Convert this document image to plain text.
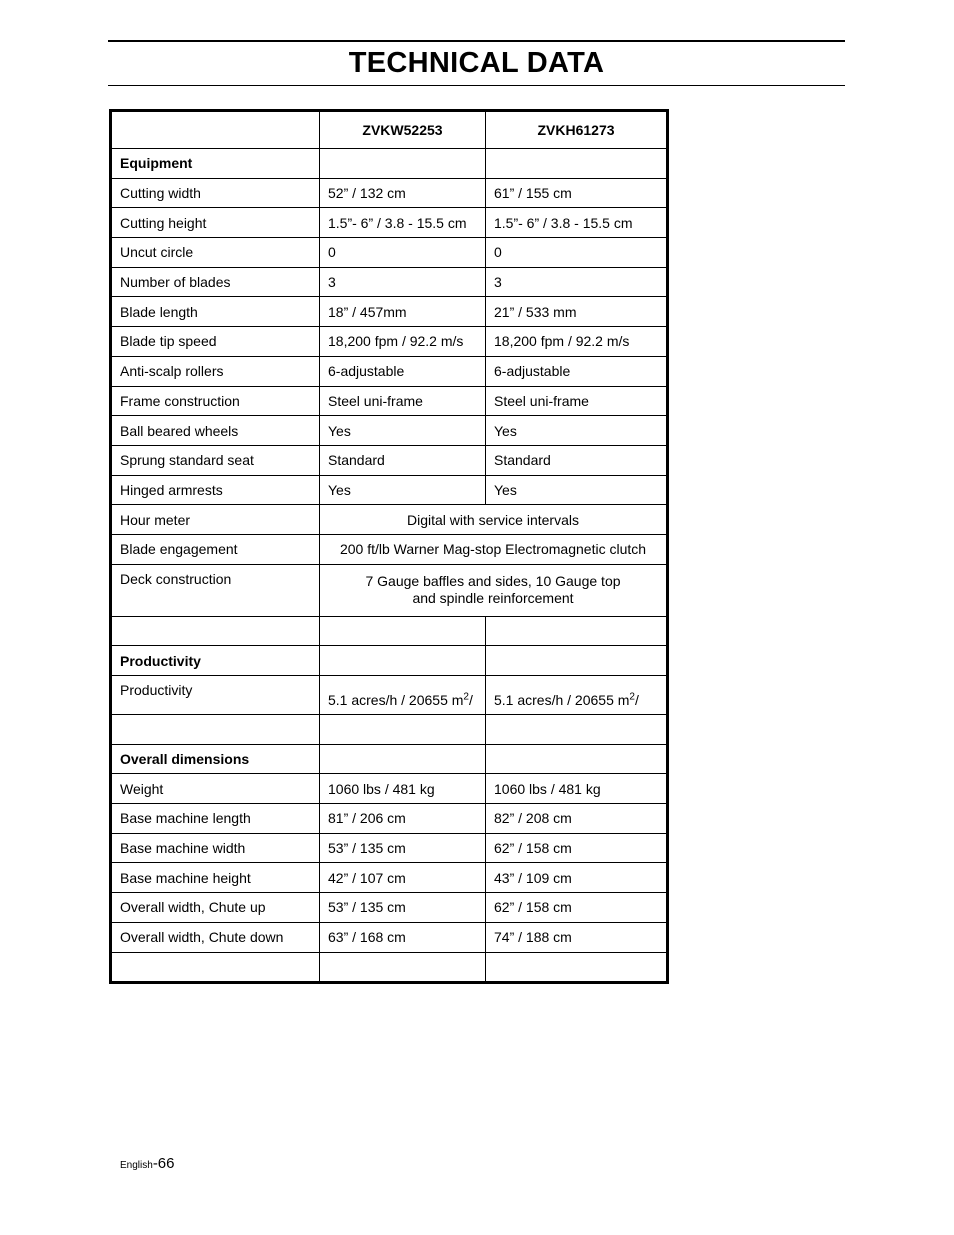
TECHNICAL DATA
	ZVKW52253	ZVKH61273
Equipment		
Cutting width	52” / 132 cm	61” / 155 cm
Cutting height	1.5”- 6” / 3.8 - 15.5 cm	1.5”- 6” / 3.8 - 15.5 cm
Uncut circle	0	0
Number of blades	3	3
Blade length	18” / 457mm	21” / 533 mm
Blade tip speed	18,200 fpm / 92.2 m/s	18,200 fpm / 92.2 m/s
Anti-scalp rollers	6-adjustable	6-adjustable
Frame construction	Steel uni-frame	Steel uni-frame
Ball beared wheels	Yes	Yes
Sprung standard seat	Standard	Standard
Hinged armrests	Yes	Yes
Hour meter	Digital with service intervals	
Blade engagement	200 ft/lb Warner Mag-stop Electromagnetic clutch	
Deck construction	7 Gauge baffles and sides, 10 Gauge top
and spindle reinforcement	

Productivity		
Productivity	5.1 acres/h / 20655 $m^2/$	5.1 acres/h / 20655 $m^2/$

Overall dimensions		
Weight	1060 lbs / 481 kg	1060 lbs / 481 kg
Base machine length	81” / 206 cm	82” / 208 cm
Base machine width	53” / 135 cm	62” / 158 cm
Base machine height	42” / 107 cm	43” / 109 cm
Overall width, Chute up	53” / 135 cm	62” / 158 cm
Overall width, Chute down	63” / 168 cm	74” / 188 cm

English-66
